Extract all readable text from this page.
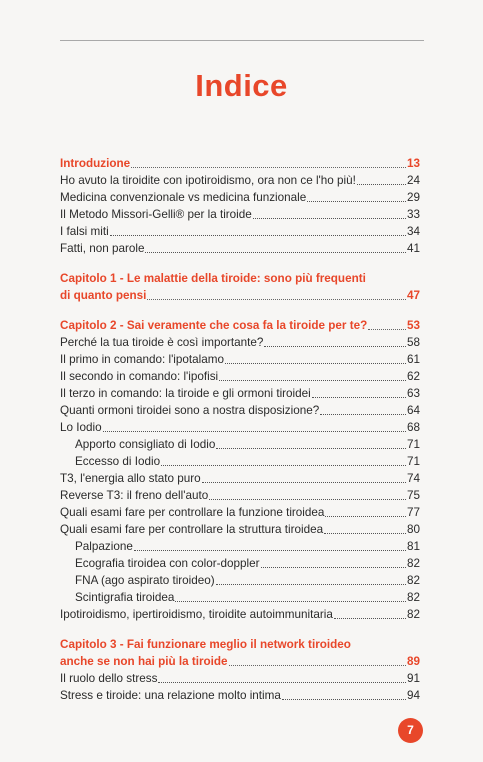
Indice
Introduzione	13
Ho avuto la tiroidite con ipotiroidismo, ora non ce l'ho più!	24
Medicina convenzionale vs medicina funzionale	29
Il Metodo Missori-Gelli® per la tiroide	33
I falsi miti	34
Fatti, non parole	41
Capitolo 1 - Le malattie della tiroide: sono più frequenti
di quanto pensi	47
Capitolo 2 - Sai veramente che cosa fa la tiroide per te?	53
Perché la tua tiroide è così importante?	58
Il primo in comando: l'ipotalamo	61
Il secondo in comando: l'ipofisi	62
Il terzo in comando: la tiroide e gli ormoni tiroidei	63
Quanti ormoni tiroidei sono a nostra disposizione?	64
Lo Iodio	68
Apporto consigliato di Iodio	71
Eccesso di Iodio	71
T3, l'energia allo stato puro	74
Reverse T3: il freno dell'auto	75
Quali esami fare per controllare la funzione tiroidea	77
Quali esami fare per controllare la struttura tiroidea	80
Palpazione	81
Ecografia tiroidea con color-doppler	82
FNA (ago aspirato tiroideo)	82
Scintigrafia tiroidea	82
Ipotiroidismo, ipertiroidismo, tiroidite autoimmunitaria	82
Capitolo 3 - Fai funzionare meglio il network tiroideo
anche se non hai più la tiroide	89
Il ruolo dello stress	91
Stress e tiroide: una relazione molto intima	94
7
